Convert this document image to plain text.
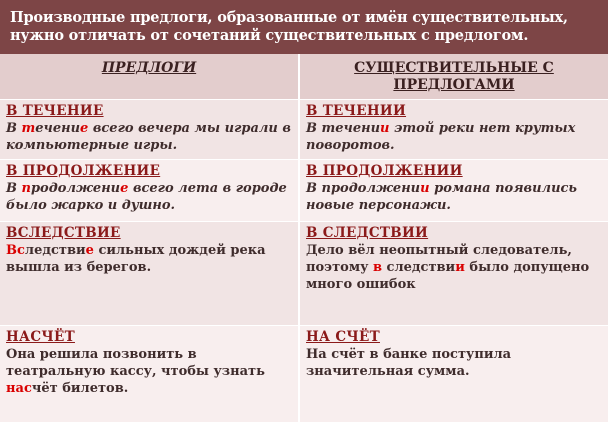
Производные предлоги, образованные от имён существительных,
нужно отличать от сочетаний существительных с предлогом.
ПРЕДЛОГИ	СУЩЕСТВИТЕЛЬНЫЕ С
ПРЕДЛОГАМИ
В ТЕЧЕНИЕ
В течение всего вечера мы играли в компьютерные игры.
В ТЕЧЕНИИ
В течении этой реки нет крутых поворотов.
В ПРОДОЛЖЕНИЕ
В продолжение всего лета в городе было жарко и душно.
В ПРОДОЛЖЕНИИ
В продолжении романа появились новые персонажи.
ВСЛЕДСТВИЕ
Вследствие сильных дождей река вышла из берегов.
В СЛЕДСТВИИ
Дело вёл неопытный следователь, поэтому в следствии было допущено много ошибок
НАСЧЁТ
Она решила позвонить в театральную кассу, чтобы узнать насчёт билетов.
НА СЧЁТ
На счёт в банке поступила значительная сумма.
